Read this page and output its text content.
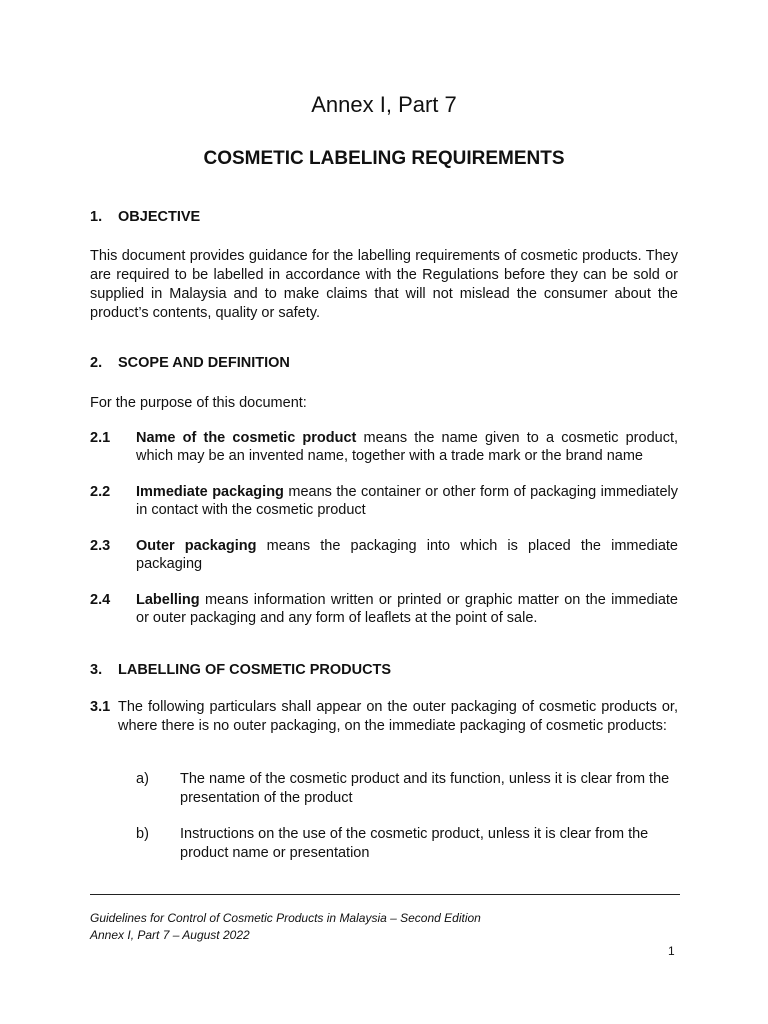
Annex I, Part 7
COSMETIC LABELING REQUIREMENTS
1. OBJECTIVE
This document provides guidance for the labelling requirements of cosmetic products. They are required to be labelled in accordance with the Regulations before they can be sold or supplied in Malaysia and to make claims that will not mislead the consumer about the product’s contents, quality or safety.
2. SCOPE AND DEFINITION
For the purpose of this document:
2.1 Name of the cosmetic product means the name given to a cosmetic product, which may be an invented name, together with a trade mark or the brand name
2.2 Immediate packaging means the container or other form of packaging immediately in contact with the cosmetic product
2.3 Outer packaging means the packaging into which is placed the immediate packaging
2.4 Labelling means information written or printed or graphic matter on the immediate or outer packaging and any form of leaflets at the point of sale.
3. LABELLING OF COSMETIC PRODUCTS
3.1 The following particulars shall appear on the outer packaging of cosmetic products or, where there is no outer packaging, on the immediate packaging of cosmetic products:
a) The name of the cosmetic product and its function, unless it is clear from the presentation of the product
b) Instructions on the use of the cosmetic product, unless it is clear from the product name or presentation
Guidelines for Control of Cosmetic Products in Malaysia – Second Edition
Annex I, Part 7 – August 2022
1
